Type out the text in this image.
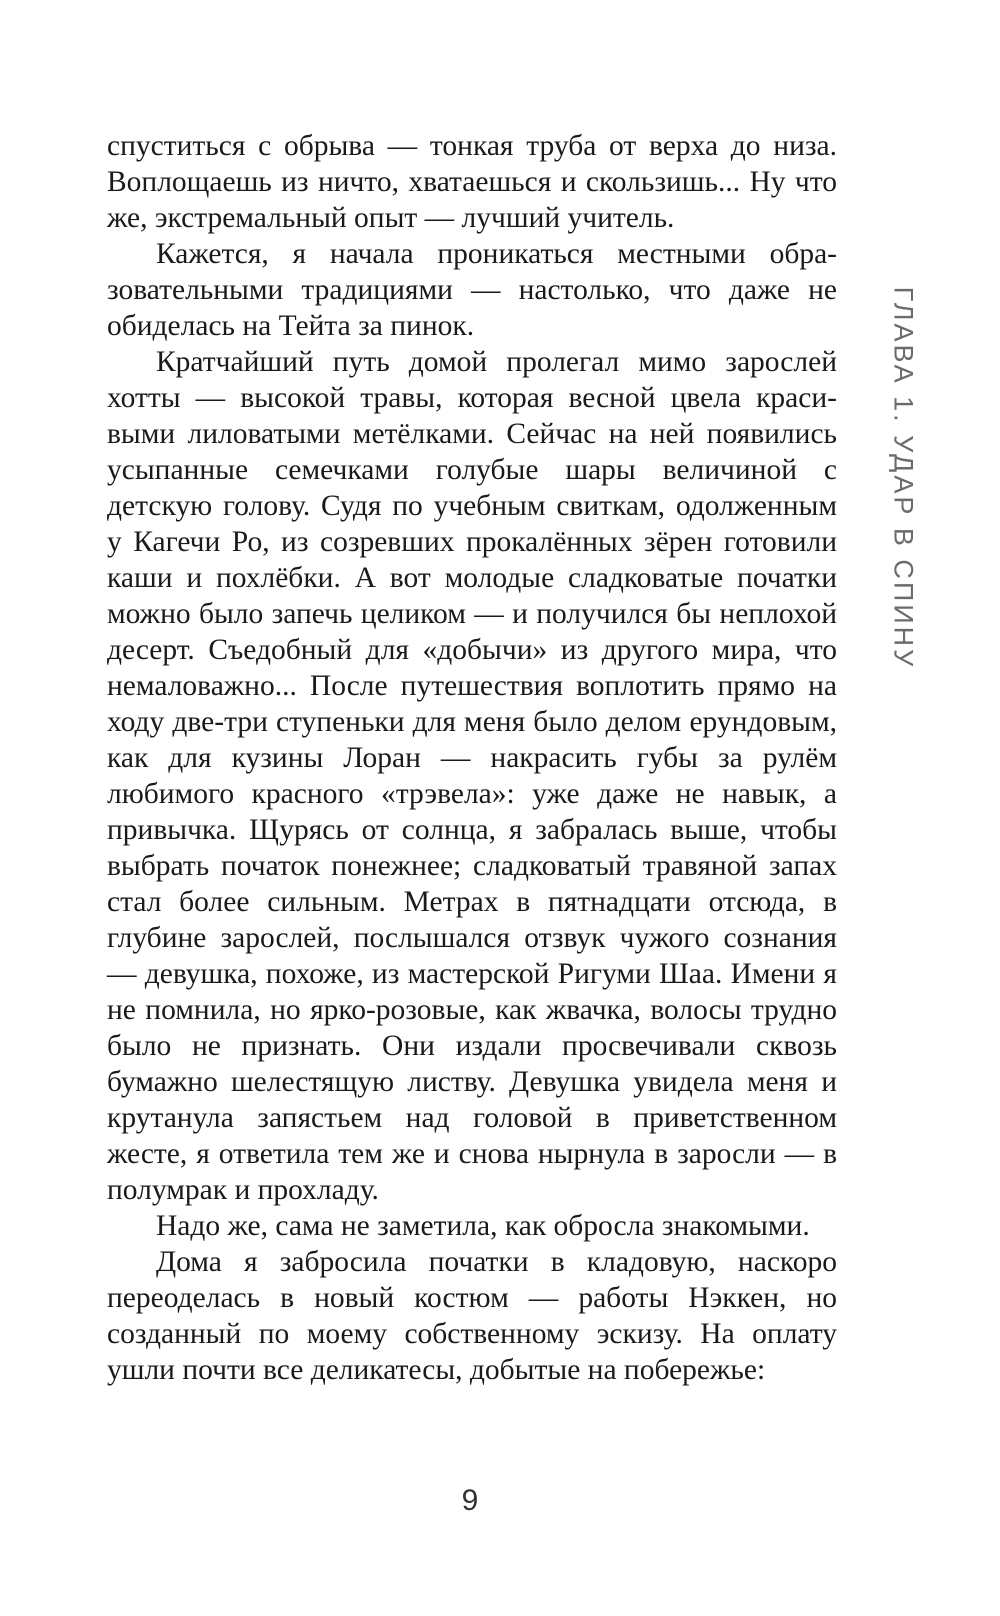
спуститься с обрыва — тонкая труба от верха до низа. Воплощаешь из ничто, хватаешься и скользишь... Ну что же, экстремальный опыт — лучший учитель.

Кажется, я начала проникаться местными образовательными традициями — настолько, что даже не обиделась на Тейта за пинок.

Кратчайший путь домой пролегал мимо зарослей хотты — высокой травы, которая весной цвела красивыми лиловатыми метёлками. Сейчас на ней появились усыпанные семечками голубые шары величиной с детскую голову. Судя по учебным свиткам, одолженным у Кагечи Ро, из созревших прокалённых зёрен готовили каши и похлёбки. А вот молодые сладковатые початки можно было запечь целиком — и получился бы неплохой десерт. Съедобный для «добычи» из другого мира, что немаловажно... После путешествия воплотить прямо на ходу две-три ступеньки для меня было делом ерундовым, как для кузины Лоран — накрасить губы за рулём любимого красного «трэвела»: уже даже не навык, а привычка. Щурясь от солнца, я забралась выше, чтобы выбрать початок понежнее; сладковатый травяной запах стал более сильным. Метрах в пятнадцати отсюда, в глубине зарослей, послышался отзвук чужого сознания — девушка, похоже, из мастерской Ригуми Шаа. Имени я не помнила, но ярко-розовые, как жвачка, волосы трудно было не признать. Они издали просвечивали сквозь бумажно шелестящую листву. Девушка увидела меня и крутанула запястьем над головой в приветственном жесте, я ответила тем же и снова нырнула в заросли — в полумрак и прохладу.

Надо же, сама не заметила, как обросла знакомыми.

Дома я забросила початки в кладовую, наскоро переоделась в новый костюм — работы Нэккен, но созданный по моему собственному эскизу. На оплату ушли почти все деликатесы, добытые на побережье:

ГЛАВА 1. УДАР В СПИНУ
9
